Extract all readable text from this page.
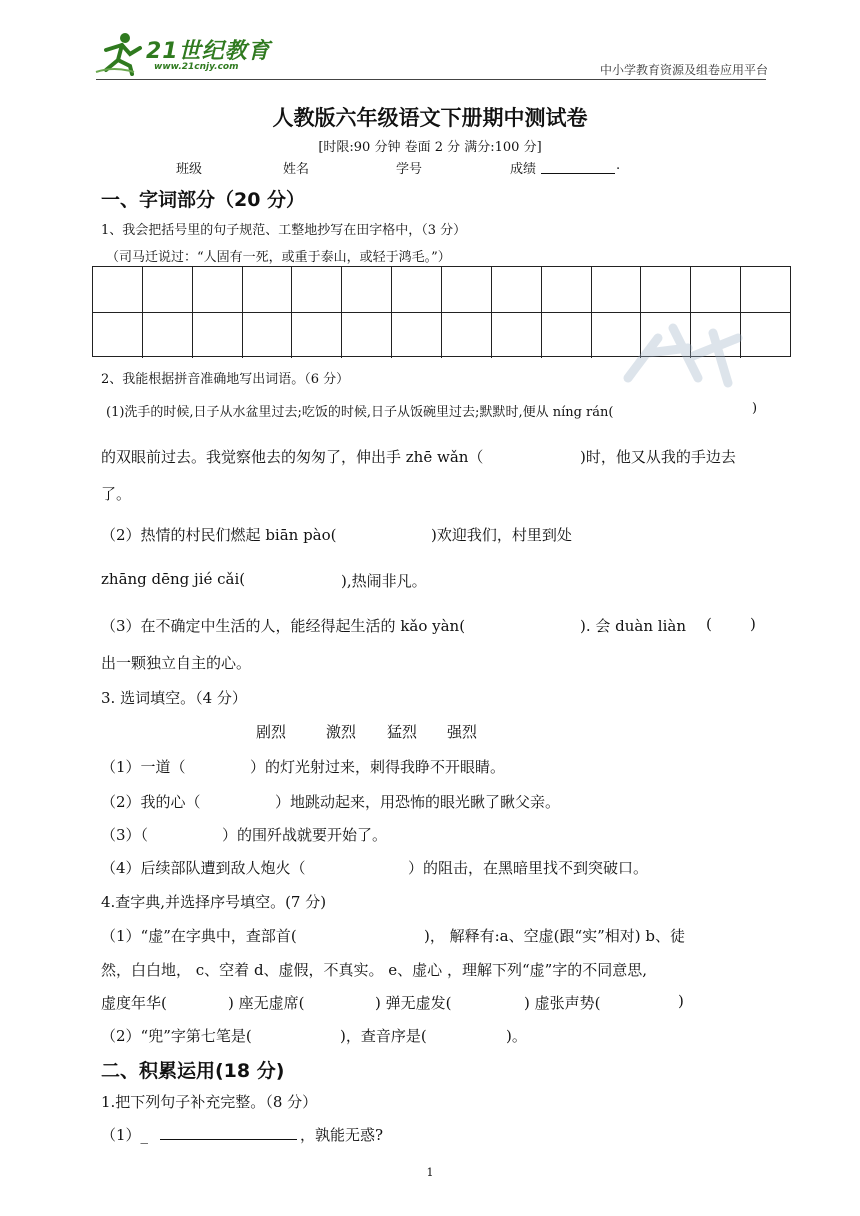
21世纪教育
www.21cnjy.com	中小学教育资源及组卷应用平台
人教版六年级语文下册期中测试卷
[时限:90 分钟 卷面 2 分 满分:100 分]
班级	姓名	学号	成绩	.
一、字词部分（20 分）
1、我会把括号里的句子规范、工整地抄写在田字格中，（3 分）
（司马迁说过：“人固有一死，或重于泰山，或轻于鸿毛。”）
2、我能根据拼音准确地写出词语。（6 分）
(1)洗手的时候,日子从水盆里过去;吃饭的时候,日子从饭碗里过去;默默时,便从 níng rán(	)
的双眼前过去。我觉察他去的匆匆了，伸出手 zhē wǎn（	)时，他又从我的手边去
了。
（2）热情的村民们燃起 biān pào(	)欢迎我们，村里到处
zhāng dēng jié cǎi(	),热闹非凡。
（3）在不确定中生活的人，能经得起生活的 kǎo yàn(	). 会 duàn liàn (	)
出一颗独立自主的心。
3. 选词填空。（4 分）
剧烈	激烈 猛烈 强烈
（1）一道（	）的灯光射过来，刺得我睁不开眼睛。
（2）我的心（	）地跳动起来，用恐怖的眼光瞅了瞅父亲。
（3）（	）的围歼战就要开始了。
（4）后续部队遭到敌人炮火（	）的阻击，在黑暗里找不到突破口。
4.查字典,并选择序号填空。(7 分)
（1）“虚”在字典中，查部首(	)， 解释有:a、空虚(跟“实”相对) b、徒
然，白白地， c、空着 d、虚假，不真实。 e、虚心 ，理解下列“虚”字的不同意思,
虚度年华(	) 座无虚席(	) 弹无虚发(	) 虚张声势(	)
（2）“兜”字第七笔是(	)，查音序是(	)。
二、积累运用(18 分)
1.把下列句子补充完整。（8 分）
（1）_	，孰能无惑?
1
